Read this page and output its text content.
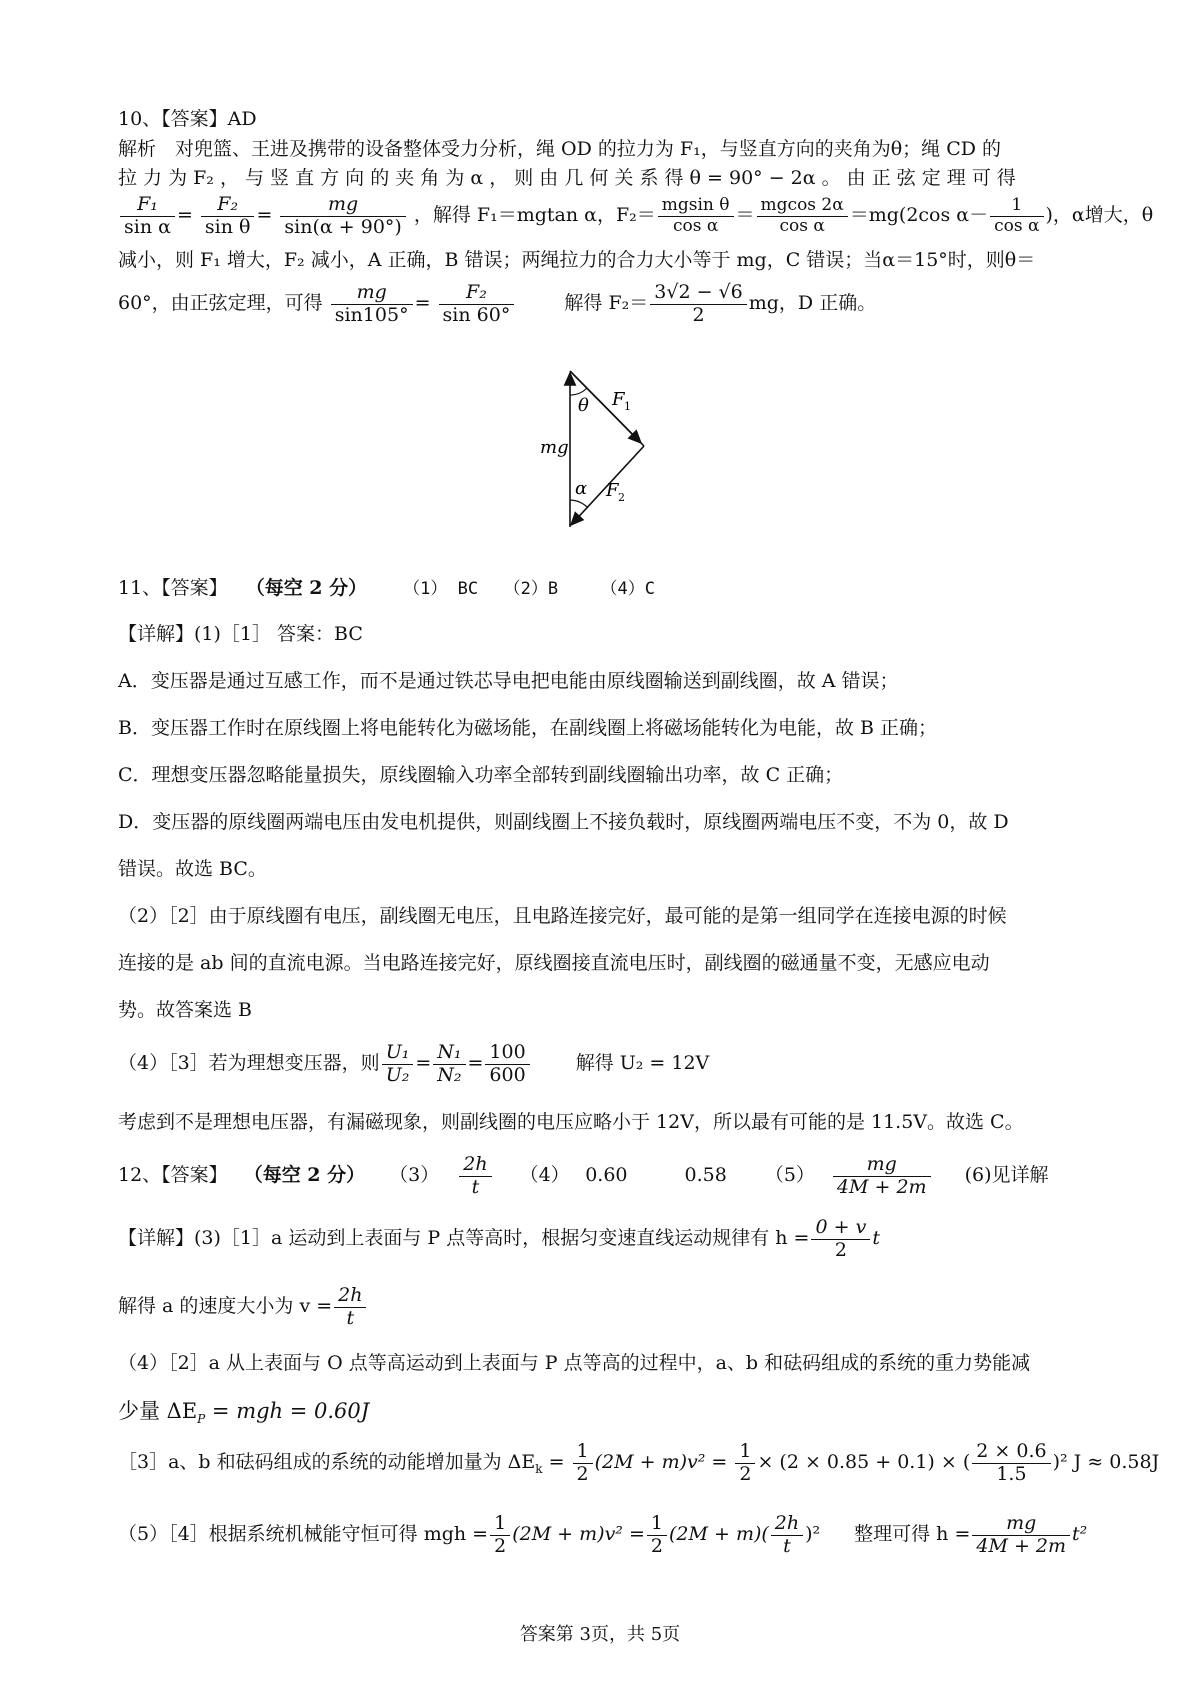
10、【答案】AD
解析　对兜篮、王进及携带的设备整体受力分析，绳 OD 的拉力为 F₁，与竖直方向的夹角为θ；绳 CD 的
拉 力 为 F₂ ， 与 竖 直 方 向 的 夹 角 为 α ， 则 由 几 何 关 系 得 θ = 90° − 2α 。 由 正 弦 定 理 可 得
$\frac{\text{F₁}}{\text{sin α}} = \frac{\text{F₂}}{\text{sin θ}} = \frac{mg}{\sin(\alpha + 90^\circ)}$ ，解得 F₁＝mgtan α，$F_2= \frac{\text{mgsin θ}}{\text{cos α}} = \frac{mgcos 2\alpha}{\text{cos α}} =mg(2\cos$ $\alpha- \frac{1}{\text{cos α}}$ )，α增大，θ
减小，则 F₁ 增大，F₂ 减小，A 正确，B 错误；两绳拉力的合力大小等于 mg，C 错误；当α＝15°时，则θ＝
60°，由正弦定理，可得 $\frac{mg}{\sin 105^\circ} = \frac{\text{F₂}}{\sin 60^\circ}$	解得 $F_2= \frac{3√2 - √6}{2}$ mg，D 正确。
θ
α
mg
F 1
F 2
11、【答案】 （每空 2 分） （1） BC　　（2）B　　　（4）C
【详解】(1)［1］ 答案：BC
A．变压器是通过互感工作，而不是通过铁芯导电把电能由原线圈输送到副线圈，故 A 错误；
B．变压器工作时在原线圈上将电能转化为磁场能，在副线圈上将磁场能转化为电能，故 B 正确；
C．理想变压器忽略能量损失，原线圈输入功率全部转到副线圈输出功率，故 C 正确；
D．变压器的原线圈两端电压由发电机提供，则副线圈上不接负载时，原线圈两端电压不变，不为 0，故 D
错误。故选 BC。
（2）［2］由于原线圈有电压，副线圈无电压，且电路连接完好，最可能的是第一组同学在连接电源的时候
连接的是 ab 间的直流电源。当电路连接完好，原线圈接直流电压时，副线圈的磁通量不变，无感应电动
势。故答案选 B
（4）［3］若为理想变压器，则 $\frac{\text{U₁}}{\text{U₂}} = \frac{\text{N₁}}{\text{N₂}} = \frac{100}{600}$ 解得 U₂ = 12V
考虑到不是理想电压器，有漏磁现象，则副线圈的电压应略小于 12V，所以最有可能的是 11.5V。故选 C。
12、【答案】 （每空 2 分） $(3) \frac{2h}{t} (4)$　 0.60　　　0.58 $(5) \frac{mg}{4M + 2m} (6)$见详解
【详解】(3)［1］a 运动到上表面与 P 点等高时，根据匀变速直线运动规律有 $h = \frac{0 + v}{2}$ t
解得 a 的速度大小为 $v = \frac{2h}{t}$
（4）［2］a 从上表面与 O 点等高运动到上表面与 P 点等高的过程中，a、b 和砝码组成的系统的重力势能减
少量 $\Delta E_P$ = mgh = 0.60J
［3］a、b 和砝码组成的系统的动能增加量为 $\Delta E_k = \frac{1}{2} (2M + m)v^2 = \frac{1}{2} \times (2 \times 0.85 + 0.1)$ × ( $\frac{2 \times 0.6}{1.5} )^2$ J ≈ 0.58J
（5）［4］根据系统机械能守恒可得 mgh = $\frac{1}{2} (2M + m)v^2 = \frac{1}{2} (2M + m)( \frac{2h}{t} )^2$ 整理可得 $h = \frac{mg}{4M + 2m} t^2$
答案第 3页，共 5页
